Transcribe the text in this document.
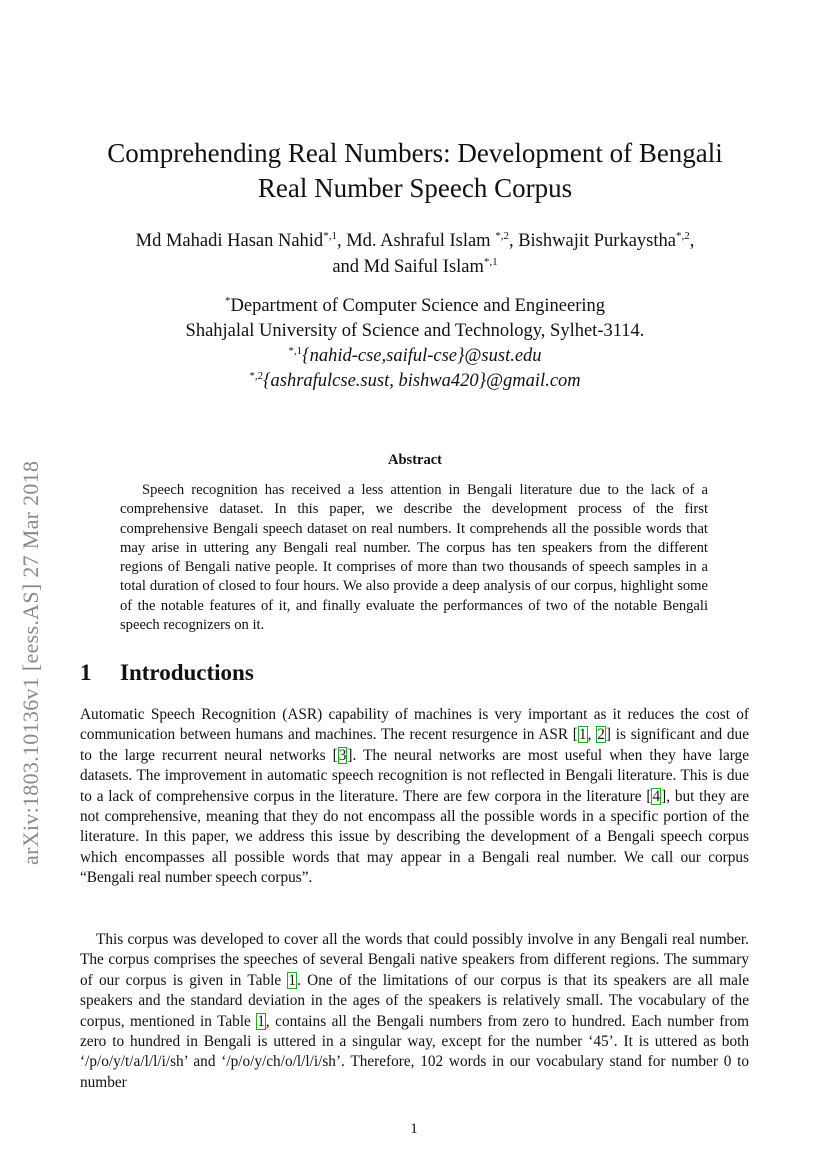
arXiv:1803.10136v1 [eess.AS] 27 Mar 2018
Comprehending Real Numbers: Development of Bengali
Real Number Speech Corpus
Md Mahadi Hasan Nahid$^{*,1}$, Md. Ashraful Islam $^{*,2}$, Bishwajit Purkaystha$^{*,2}$,
and Md Saiful Islam$^{*,1}$
*Department of Computer Science and Engineering
Shahjalal University of Science and Technology, Sylhet-3114.
$^{*,1}${nahid-cse,saiful-cse}@sust.edu
$^{*,2}${ashrafulcse.sust, bishwa420}@gmail.com
Abstract

Speech recognition has received a less attention in Bengali literature due to the lack of a comprehensive dataset. In this paper, we describe the development process of the first comprehensive Bengali speech dataset on real numbers. It comprehends all the possible words that may arise in uttering any Bengali real number. The corpus has ten speakers from the different regions of Bengali native people. It comprises of more than two thousands of speech samples in a total duration of closed to four hours. We also provide a deep analysis of our corpus, highlight some of the notable features of it, and finally evaluate the performances of two of the notable Bengali speech recognizers on it.

1 Introductions

Automatic Speech Recognition (ASR) capability of machines is very important as it reduces the cost of communication between humans and machines. The recent resurgence in ASR [1, 2] is significant and due to the large recurrent neural networks [3]. The neural networks are most useful when they have large datasets. The improvement in automatic speech recognition is not reflected in Bengali literature. This is due to a lack of comprehensive corpus in the literature. There are few corpora in the literature [4], but they are not comprehensive, meaning that they do not encompass all the possible words in a specific portion of the literature. In this paper, we address this issue by describing the development of a Bengali speech corpus which encompasses all possible words that may appear in a Bengali real number. We call our corpus “Bengali real number speech corpus”.

This corpus was developed to cover all the words that could possibly involve in any Bengali real number. The corpus comprises the speeches of several Bengali native speakers from different regions. The summary of our corpus is given in Table 1. One of the limitations of our corpus is that its speakers are all male speakers and the standard deviation in the ages of the speakers is relatively small. The vocabulary of the corpus, mentioned in Table 1, contains all the Bengali numbers from zero to hundred. Each number from zero to hundred in Bengali is uttered in a singular way, except for the number ‘45’. It is uttered as both ‘/p/o/y/t/a/l/l/i/sh’ and ‘/p/o/y/ch/o/l/l/i/sh’. Therefore, 102 words in our vocabulary stand for number 0 to number

1
